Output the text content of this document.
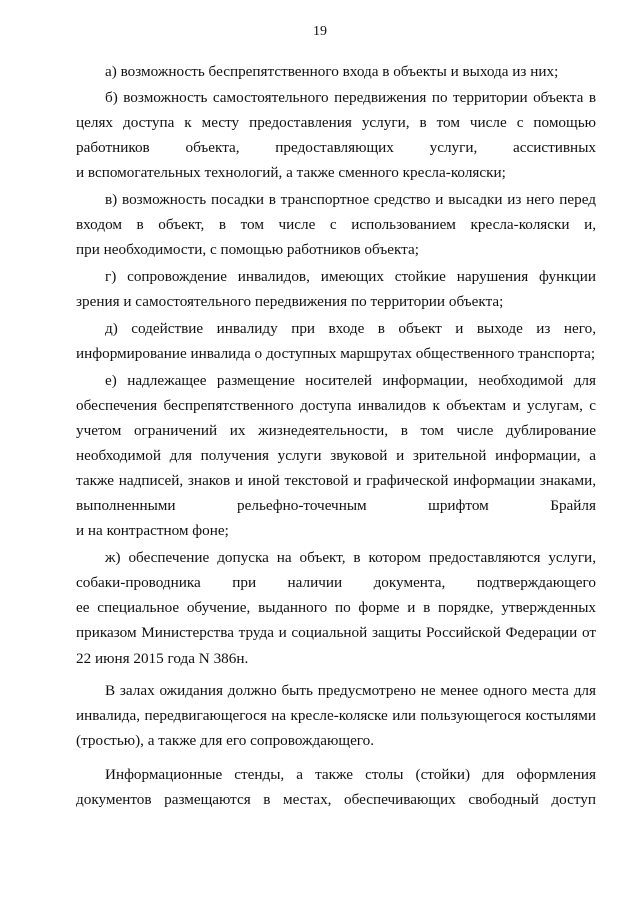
19
а) возможность беспрепятственного входа в объекты и выхода из них;
б) возможность самостоятельного передвижения по территории объекта в
целях доступа к месту предоставления услуги, в том числе с помощью
работников объекта, предоставляющих услуги, ассистивных
и вспомогательных технологий, а также сменного кресла-коляски;
в) возможность посадки в транспортное средство и высадки из него перед
входом в объект, в том числе с использованием кресла-коляски и,
при необходимости, с помощью работников объекта;
г) сопровождение инвалидов, имеющих стойкие нарушения функции
зрения и самостоятельного передвижения по территории объекта;
д) содействие инвалиду при входе в объект и выходе из него,
информирование инвалида о доступных маршрутах общественного транспорта;
е) надлежащее размещение носителей информации, необходимой для
обеспечения беспрепятственного доступа инвалидов к объектам и услугам, с
учетом ограничений их жизнедеятельности, в том числе дублирование
необходимой для получения услуги звуковой и зрительной информации, а
также надписей, знаков и иной текстовой и графической информации знаками,
выполненными рельефно-точечным шрифтом Брайля
и на контрастном фоне;
ж) обеспечение допуска на объект, в котором предоставляются услуги,
собаки-проводника при наличии документа, подтверждающего
ее специальное обучение, выданного по форме и в порядке, утвержденных
приказом Министерства труда и социальной защиты Российской Федерации от
22 июня 2015 года N 386н.
В залах ожидания должно быть предусмотрено не менее одного места для
инвалида, передвигающегося на кресле-коляске или пользующегося костылями
(тростью), а также для его сопровождающего.
Информационные стенды, а также столы (стойки) для оформления
документов размещаются в местах, обеспечивающих свободный доступ
